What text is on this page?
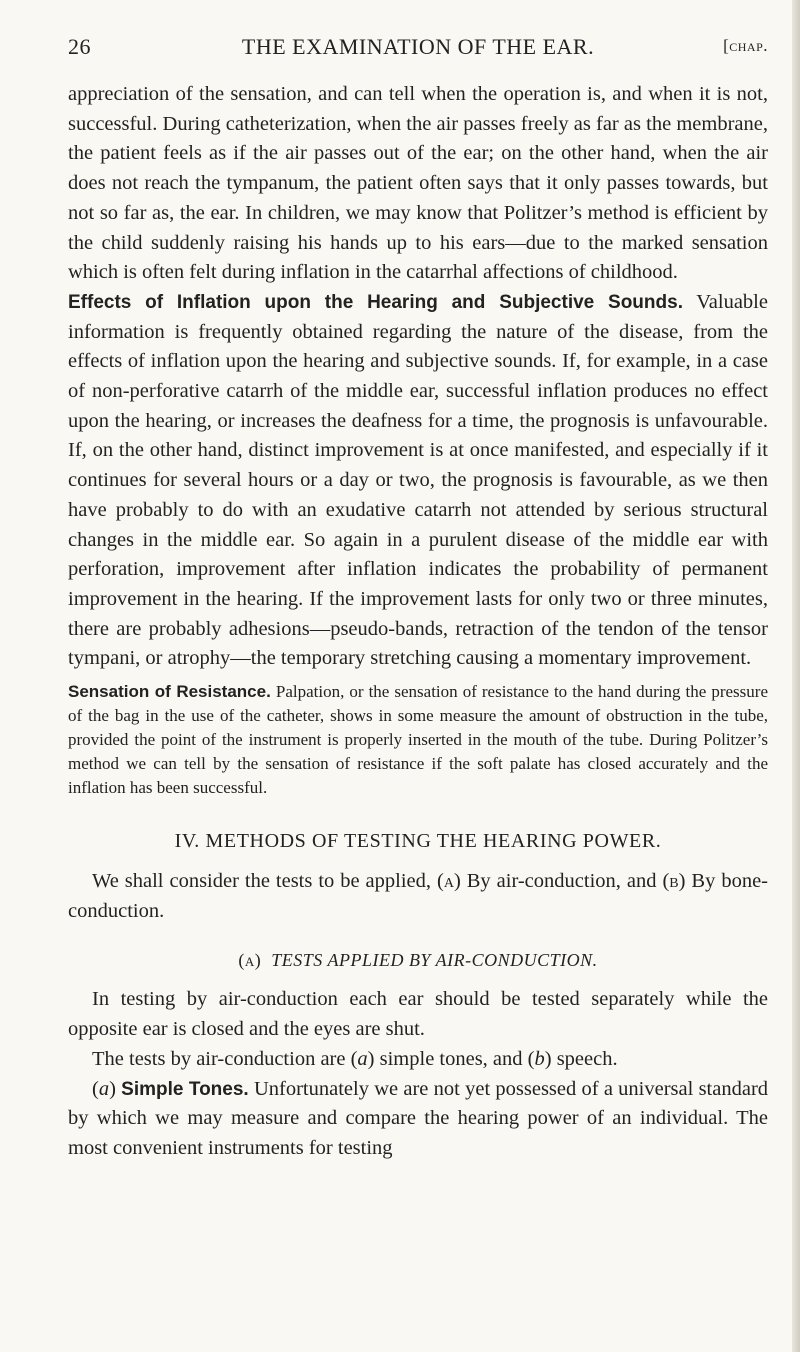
26	THE EXAMINATION OF THE EAR.	[chap.

appreciation of the sensation, and can tell when the operation is, and when it is not, successful. During catheterization, when the air passes freely as far as the membrane, the patient feels as if the air passes out of the ear; on the other hand, when the air does not reach the tympanum, the patient often says that it only passes towards, but not so far as, the ear. In children, we may know that Politzer’s method is efficient by the child suddenly raising his hands up to his ears—due to the marked sensation which is often felt during inflation in the catarrhal affections of childhood.

Effects of Inflation upon the Hearing and Subjective Sounds. Valuable information is frequently obtained regarding the nature of the disease, from the effects of inflation upon the hearing and subjective sounds. If, for example, in a case of non-perforative catarrh of the middle ear, successful inflation produces no effect upon the hearing, or increases the deafness for a time, the prognosis is unfavourable. If, on the other hand, distinct improvement is at once manifested, and especially if it continues for several hours or a day or two, the prognosis is favourable, as we then have probably to do with an exudative catarrh not attended by serious structural changes in the middle ear. So again in a purulent disease of the middle ear with perforation, improvement after inflation indicates the probability of permanent improvement in the hearing. If the improvement lasts for only two or three minutes, there are probably adhesions—pseudo-bands, retraction of the tendon of the tensor tympani, or atrophy—the temporary stretching causing a momentary improvement.

Sensation of Resistance. Palpation, or the sensation of resistance to the hand during the pressure of the bag in the use of the catheter, shows in some measure the amount of obstruction in the tube, provided the point of the instrument is properly inserted in the mouth of the tube. During Politzer’s method we can tell by the sensation of resistance if the soft palate has closed accurately and the inflation has been successful.

IV. METHODS OF TESTING THE HEARING POWER.

We shall consider the tests to be applied, (a) By air-conduction, and (b) By bone-conduction.

(a) TESTS APPLIED BY AIR-CONDUCTION.

In testing by air-conduction each ear should be tested separately while the opposite ear is closed and the eyes are shut.

The tests by air-conduction are (a) simple tones, and (b) speech.

(a) Simple Tones. Unfortunately we are not yet possessed of a universal standard by which we may measure and compare the hearing power of an individual. The most convenient instruments for testing
